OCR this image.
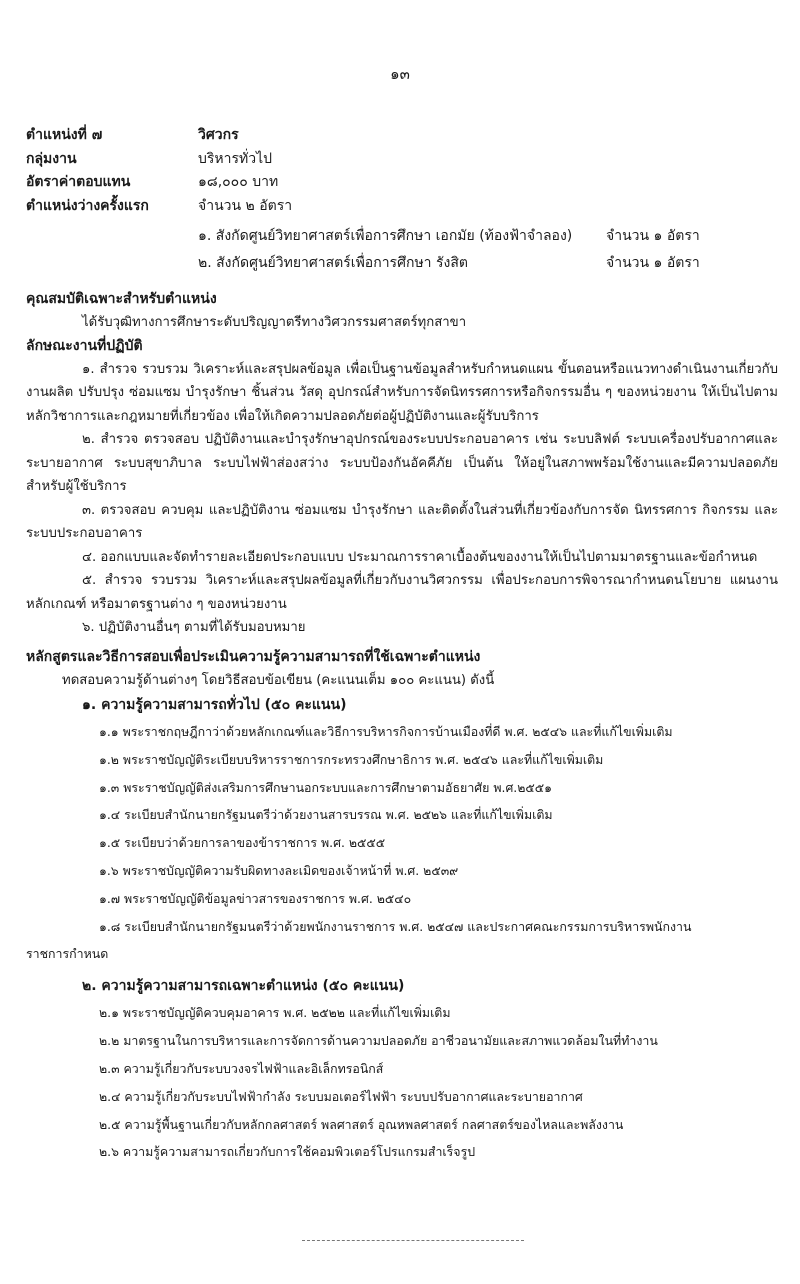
๑๓
ตำแหน่งที่ ๗	วิศวกร
กลุ่มงาน	บริหารทั่วไป
อัตราค่าตอบแทน	๑๘,๐๐๐ บาท
ตำแหน่งว่างครั้งแรก	จำนวน ๒ อัตรา
๑. สังกัดศูนย์วิทยาศาสตร์เพื่อการศึกษา เอกมัย (ท้องฟ้าจำลอง) จำนวน ๑ อัตรา
๒. สังกัดศูนย์วิทยาศาสตร์เพื่อการศึกษา รังสิต	จำนวน ๑ อัตรา
คุณสมบัติเฉพาะสำหรับตำแหน่ง
ได้รับวุฒิทางการศึกษาระดับปริญญาตรีทางวิศวกรรมศาสตร์ทุกสาขา
ลักษณะงานที่ปฏิบัติ
๑. สำรวจ รวบรวม วิเคราะห์และสรุปผลข้อมูล เพื่อเป็นฐานข้อมูลสำหรับกำหนดแผน ขั้นตอนหรือแนวทางดำเนินงานเกี่ยวกับงานผลิต ปรับปรุง ซ่อมแซม บำรุงรักษา ชิ้นส่วน วัสดุ อุปกรณ์สำหรับการจัดนิทรรศการหรือกิจกรรมอื่น ๆ ของหน่วยงาน ให้เป็นไปตามหลักวิชาการและกฎหมายที่เกี่ยวข้อง เพื่อให้เกิดความปลอดภัยต่อผู้ปฏิบัติงานและผู้รับบริการ
๒. สำรวจ ตรวจสอบ ปฏิบัติงานและบำรุงรักษาอุปกรณ์ของระบบประกอบอาคาร เช่น ระบบลิฟต์ ระบบเครื่องปรับอากาศและระบายอากาศ ระบบสุขาภิบาล ระบบไฟฟ้าส่องสว่าง ระบบป้องกันอัคคีภัย เป็นต้น ให้อยู่ในสภาพพร้อมใช้งานและมีความปลอดภัยสำหรับผู้ใช้บริการ
๓. ตรวจสอบ ควบคุม และปฏิบัติงาน ซ่อมแซม บำรุงรักษา และติดตั้งในส่วนที่เกี่ยวข้องกับการจัด นิทรรศการ กิจกรรม และระบบประกอบอาคาร
๔. ออกแบบและจัดทำรายละเอียดประกอบแบบ ประมาณการราคาเบื้องต้นของงานให้เป็นไปตามมาตรฐานและข้อกำหนด
๕. สำรวจ รวบรวม วิเคราะห์และสรุปผลข้อมูลที่เกี่ยวกับงานวิศวกรรม เพื่อประกอบการพิจารณากำหนดนโยบาย แผนงาน หลักเกณฑ์ หรือมาตรฐานต่าง ๆ ของหน่วยงาน
๖. ปฏิบัติงานอื่นๆ ตามที่ได้รับมอบหมาย
หลักสูตรและวิธีการสอบเพื่อประเมินความรู้ความสามารถที่ใช้เฉพาะตำแหน่ง
ทดสอบความรู้ด้านต่างๆ โดยวิธีสอบข้อเขียน (คะแนนเต็ม ๑๐๐ คะแนน) ดังนี้
๑. ความรู้ความสามารถทั่วไป (๕๐ คะแนน)
๑.๑ พระราชกฤษฎีกาว่าด้วยหลักเกณฑ์และวิธีการบริหารกิจการบ้านเมืองที่ดี พ.ศ. ๒๕๔๖ และที่แก้ไขเพิ่มเติม
๑.๒ พระราชบัญญัติระเบียบบริหารราชการกระทรวงศึกษาธิการ พ.ศ. ๒๕๔๖ และที่แก้ไขเพิ่มเติม
๑.๓ พระราชบัญญัติส่งเสริมการศึกษานอกระบบและการศึกษาตามอัธยาศัย พ.ศ.๒๕๕๑
๑.๔ ระเบียบสำนักนายกรัฐมนตรีว่าด้วยงานสารบรรณ พ.ศ. ๒๕๒๖ และที่แก้ไขเพิ่มเติม
๑.๕ ระเบียบว่าด้วยการลาของข้าราชการ พ.ศ. ๒๕๕๕
๑.๖ พระราชบัญญัติความรับผิดทางละเมิดของเจ้าหน้าที่ พ.ศ. ๒๕๓๙
๑.๗ พระราชบัญญัติข้อมูลข่าวสารของราชการ พ.ศ. ๒๕๔๐
๑.๘ ระเบียบสำนักนายกรัฐมนตรีว่าด้วยพนักงานราชการ พ.ศ. ๒๕๔๗ และประกาศคณะกรรมการบริหารพนักงาน
ราชการกำหนด
๒. ความรู้ความสามารถเฉพาะตำแหน่ง (๕๐ คะแนน)
๒.๑ พระราชบัญญัติควบคุมอาคาร พ.ศ. ๒๕๒๒ และที่แก้ไขเพิ่มเติม
๒.๒ มาตรฐานในการบริหารและการจัดการด้านความปลอดภัย อาชีวอนามัยและสภาพแวดล้อมในที่ทำงาน
๒.๓ ความรู้เกี่ยวกับระบบวงจรไฟฟ้าและอิเล็กทรอนิกส์
๒.๔ ความรู้เกี่ยวกับระบบไฟฟ้ากำลัง ระบบมอเตอร์ไฟฟ้า ระบบปรับอากาศและระบายอากาศ
๒.๕ ความรู้พื้นฐานเกี่ยวกับหลักกลศาสตร์ พลศาสตร์ อุณหพลศาสตร์ กลศาสตร์ของไหลและพลังงาน
๒.๖ ความรู้ความสามารถเกี่ยวกับการใช้คอมพิวเตอร์โปรแกรมสำเร็จรูป
